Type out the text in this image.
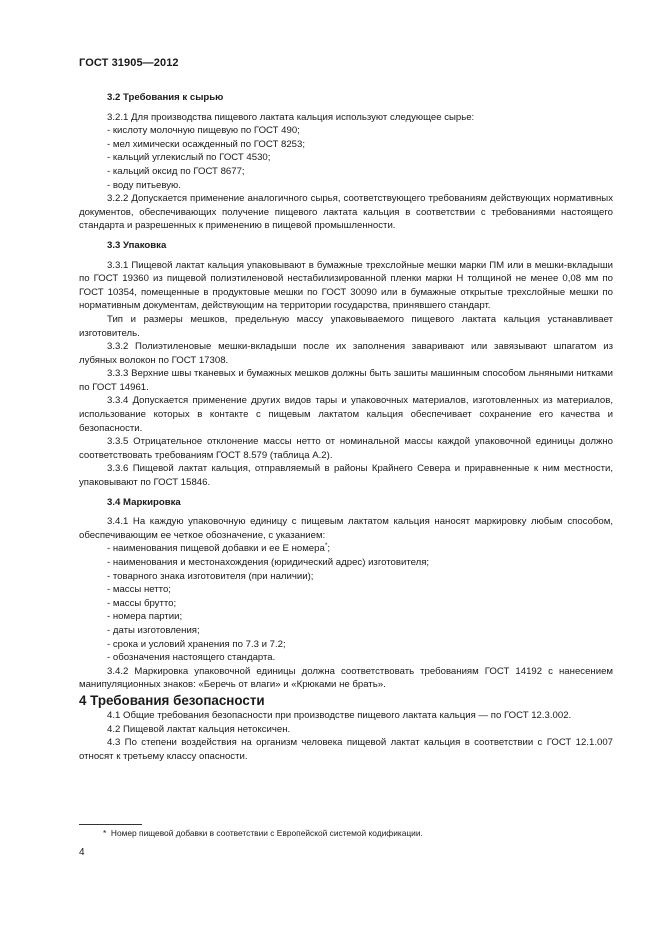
ГОСТ 31905—2012

3.2 Требования к сырью

3.2.1 Для производства пищевого лактата кальция используют следующее сырье:

- кислоту молочную пищевую по ГОСТ 490;

- мел химически осажденный по ГОСТ 8253;

- кальций углекислый по ГОСТ 4530;

- кальций оксид по ГОСТ 8677;

- воду питьевую.

3.2.2 Допускается применение аналогичного сырья, соответствующего требованиям действующих нормативных документов, обеспечивающих получение пищевого лактата кальция в соответствии с требованиями настоящего стандарта и разрешенных к применению в пищевой промышленности.

3.3 Упаковка

3.3.1 Пищевой лактат кальция упаковывают в бумажные трехслойные мешки марки ПМ или в мешки-вкладыши по ГОСТ 19360 из пищевой полиэтиленовой нестабилизированной пленки марки Н толщиной не менее 0,08 мм по ГОСТ 10354, помещенные в продуктовые мешки по ГОСТ 30090 или в бумажные открытые трехслойные мешки по нормативным документам, действующим на территории государства, принявшего стандарт.

Тип и размеры мешков, предельную массу упаковываемого пищевого лактата кальция устанавливает изготовитель.

3.3.2 Полиэтиленовые мешки-вкладыши после их заполнения заваривают или завязывают шпагатом из лубяных волокон по ГОСТ 17308.

3.3.3 Верхние швы тканевых и бумажных мешков должны быть зашиты машинным способом льняными нитками по ГОСТ 14961.

3.3.4 Допускается применение других видов тары и упаковочных материалов, изготовленных из материалов, использование которых в контакте с пищевым лактатом кальция обеспечивает сохранение его качества и безопасности.

3.3.5 Отрицательное отклонение массы нетто от номинальной массы каждой упаковочной единицы должно соответствовать требованиям ГОСТ 8.579 (таблица А.2).

3.3.6 Пищевой лактат кальция, отправляемый в районы Крайнего Севера и приравненные к ним местности, упаковывают по ГОСТ 15846.

3.4 Маркировка

3.4.1 На каждую упаковочную единицу с пищевым лактатом кальция наносят маркировку любым способом, обеспечивающим ее четкое обозначение, с указанием:

- наименования пищевой добавки и ее Е номера*;

- наименования и местонахождения (юридический адрес) изготовителя;

- товарного знака изготовителя (при наличии);

- массы нетто;

- массы брутто;

- номера партии;

- даты изготовления;

- срока и условий хранения по 7.3 и 7.2;

- обозначения настоящего стандарта.

3.4.2 Маркировка упаковочной единицы должна соответствовать требованиям ГОСТ 14192 с нанесением манипуляционных знаков: «Беречь от влаги» и «Крюками не брать».

4 Требования безопасности

4.1 Общие требования безопасности при производстве пищевого лактата кальция — по ГОСТ 12.3.002.

4.2 Пищевой лактат кальция нетоксичен.

4.3 По степени воздействия на организм человека пищевой лактат кальция в соответствии с ГОСТ 12.1.007 относят к третьему классу опасности.

* Номер пищевой добавки в соответствии с Европейской системой кодификации.
4
